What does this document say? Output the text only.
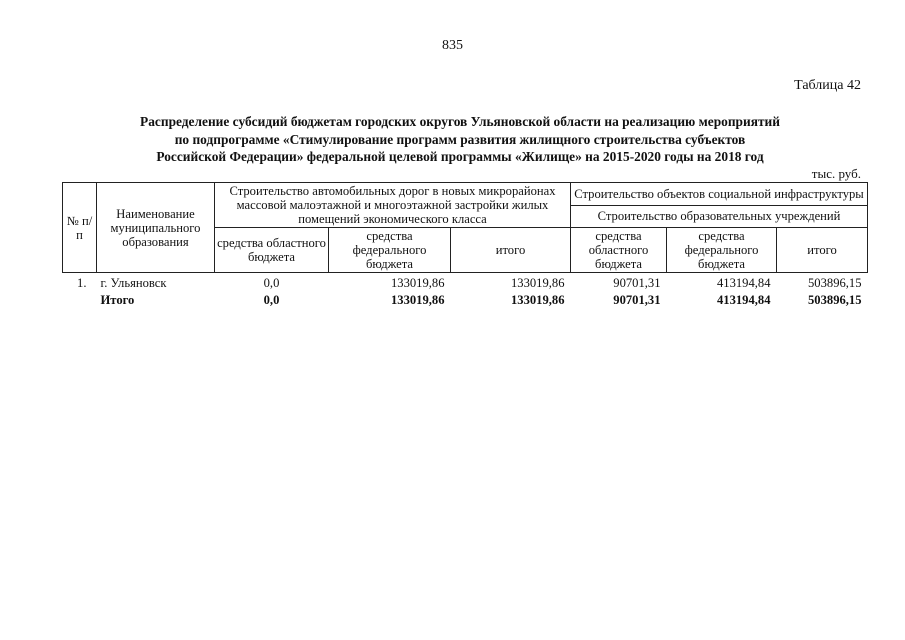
835
Таблица 42
Распределение субсидий бюджетам городских округов Ульяновской области на реализацию мероприятий
по подпрограмме «Стимулирование программ развития жилищного строительства субъектов
Российской Федерации» федеральной целевой программы «Жилище» на 2015-2020 годы на 2018 год
тыс. руб.
№ п/п	Наименование муниципального образования	Строительство автомобильных дорог в новых микрорайонах массовой малоэтажной и многоэтажной застройки жилых помещений экономического класса			Строительство объектов социальной инфраструктуры		
					Строительство образовательных учреждений		
		средства областного бюджета	средства федерального бюджета	итого	средства областного бюджета	средства федерального бюджета	итого
1.	г. Ульяновск	0,0	133019,86	133019,86	90701,31	413194,84	503896,15
	Итого	0,0	133019,86	133019,86	90701,31	413194,84	503896,15
